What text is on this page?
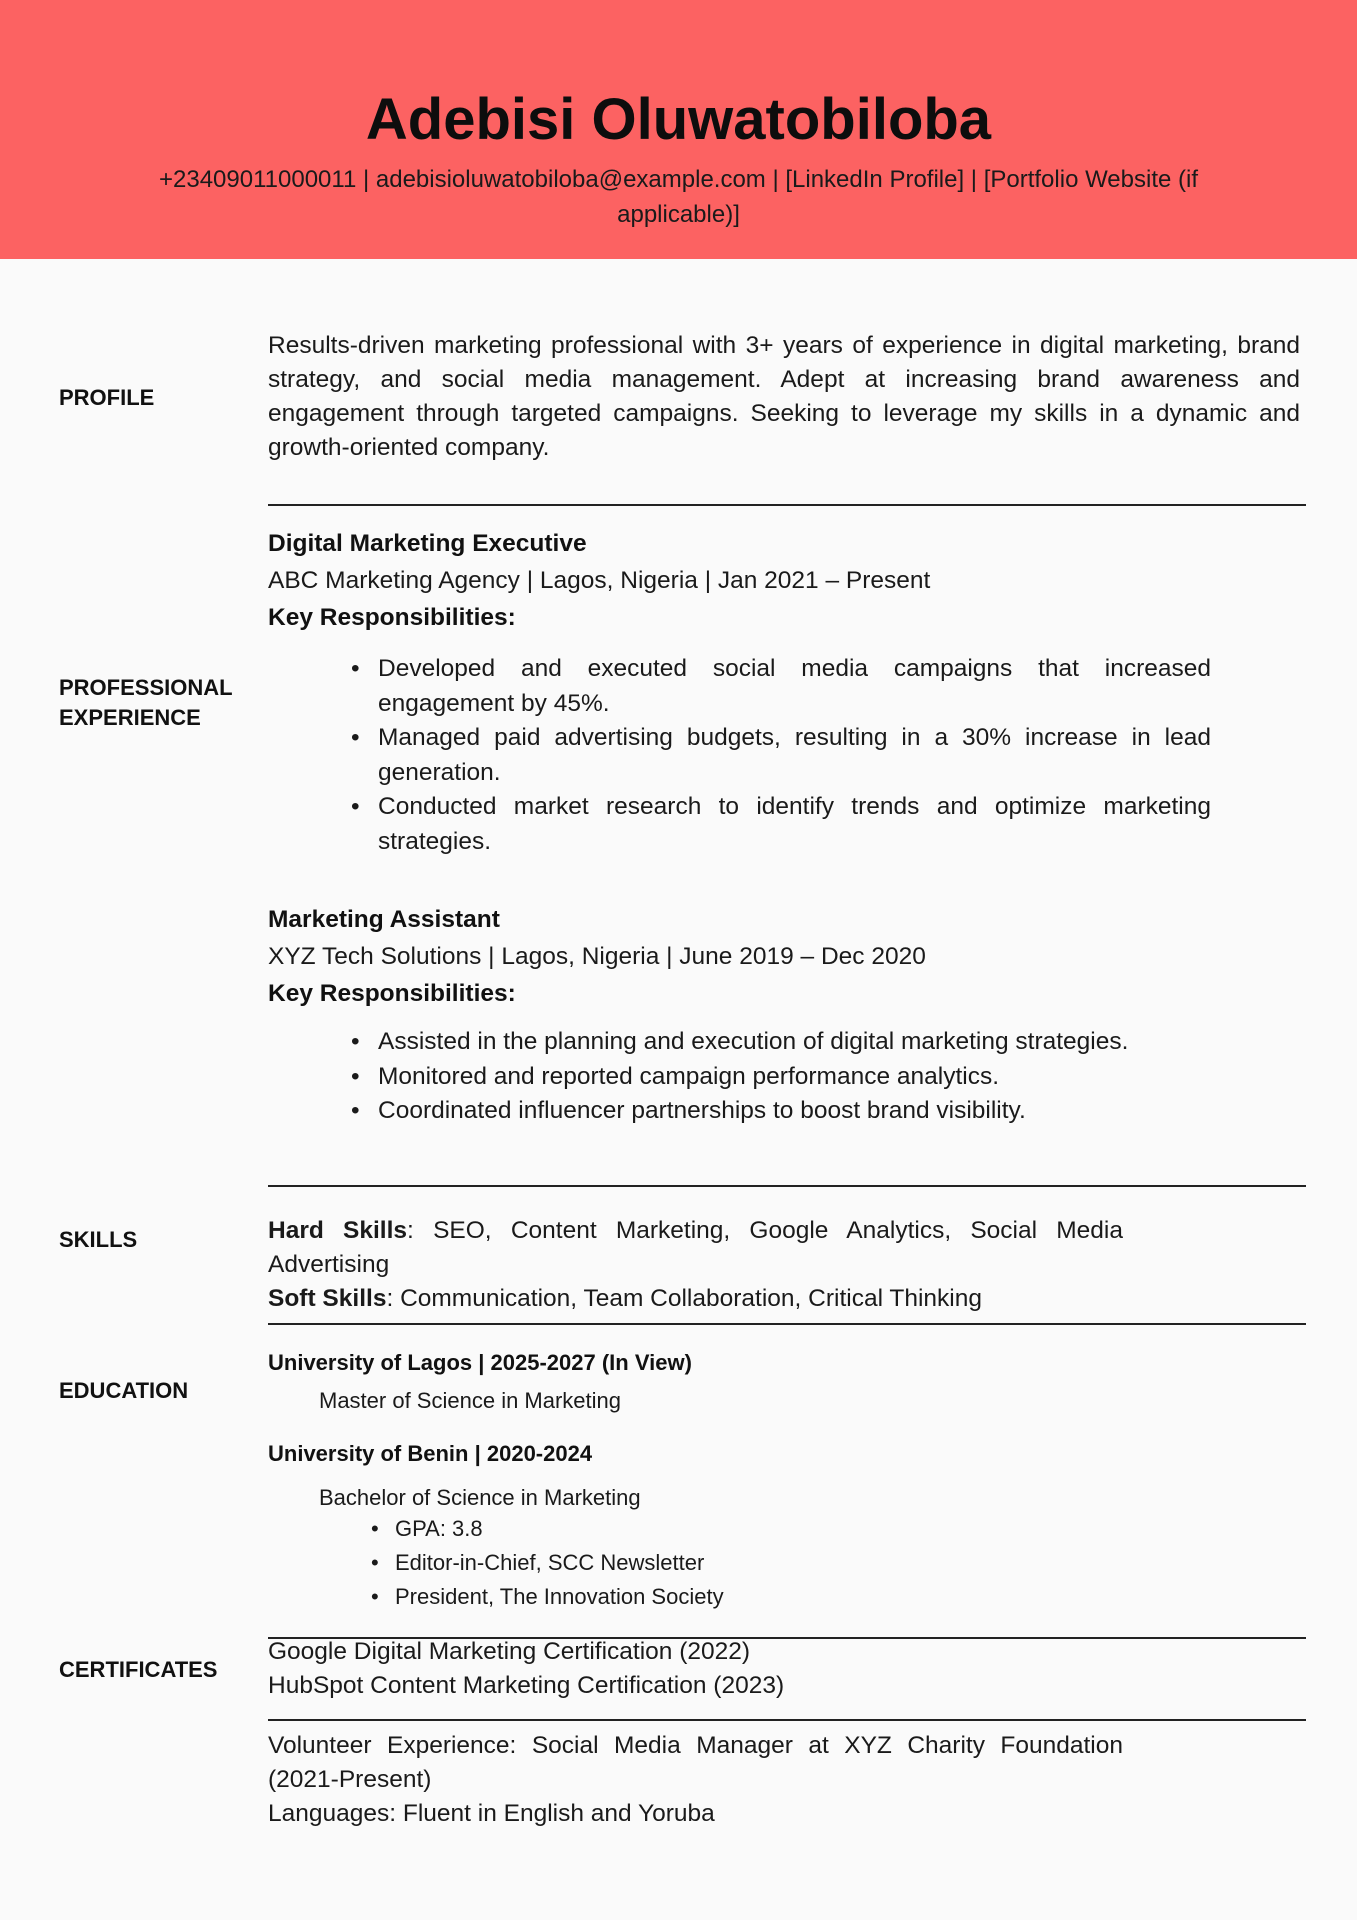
Adebisi Oluwatobiloba
+23409011000011 | adebisioluwatobiloba@example.com | [LinkedIn Profile] | [Portfolio Website (if applicable)]
PROFILE
Results-driven marketing professional with 3+ years of experience in digital marketing, brand strategy, and social media management. Adept at increasing brand awareness and engagement through targeted campaigns. Seeking to leverage my skills in a dynamic and growth-oriented company.
PROFESSIONAL
EXPERIENCE
Digital Marketing Executive
ABC Marketing Agency | Lagos, Nigeria | Jan 2021 – Present
Key Responsibilities:
• Developed and executed social media campaigns that increased engagement by 45%.
• Managed paid advertising budgets, resulting in a 30% increase in lead generation.
• Conducted market research to identify trends and optimize marketing strategies.
Marketing Assistant
XYZ Tech Solutions | Lagos, Nigeria | June 2019 – Dec 2020
Key Responsibilities:
• Assisted in the planning and execution of digital marketing strategies.
• Monitored and reported campaign performance analytics.
• Coordinated influencer partnerships to boost brand visibility.
SKILLS	Hard Skills: SEO, Content Marketing, Google Analytics, Social Media Advertising
Soft Skills: Communication, Team Collaboration, Critical Thinking
EDUCATION
University of Lagos | 2025-2027 (In View)
Master of Science in Marketing
University of Benin | 2020-2024
Bachelor of Science in Marketing
• GPA: 3.8
• Editor-in-Chief, SCC Newsletter
• President, The Innovation Society
CERTIFICATES
Google Digital Marketing Certification (2022)
HubSpot Content Marketing Certification (2023)
Volunteer Experience: Social Media Manager at XYZ Charity Foundation (2021-Present)
Languages: Fluent in English and Yoruba
